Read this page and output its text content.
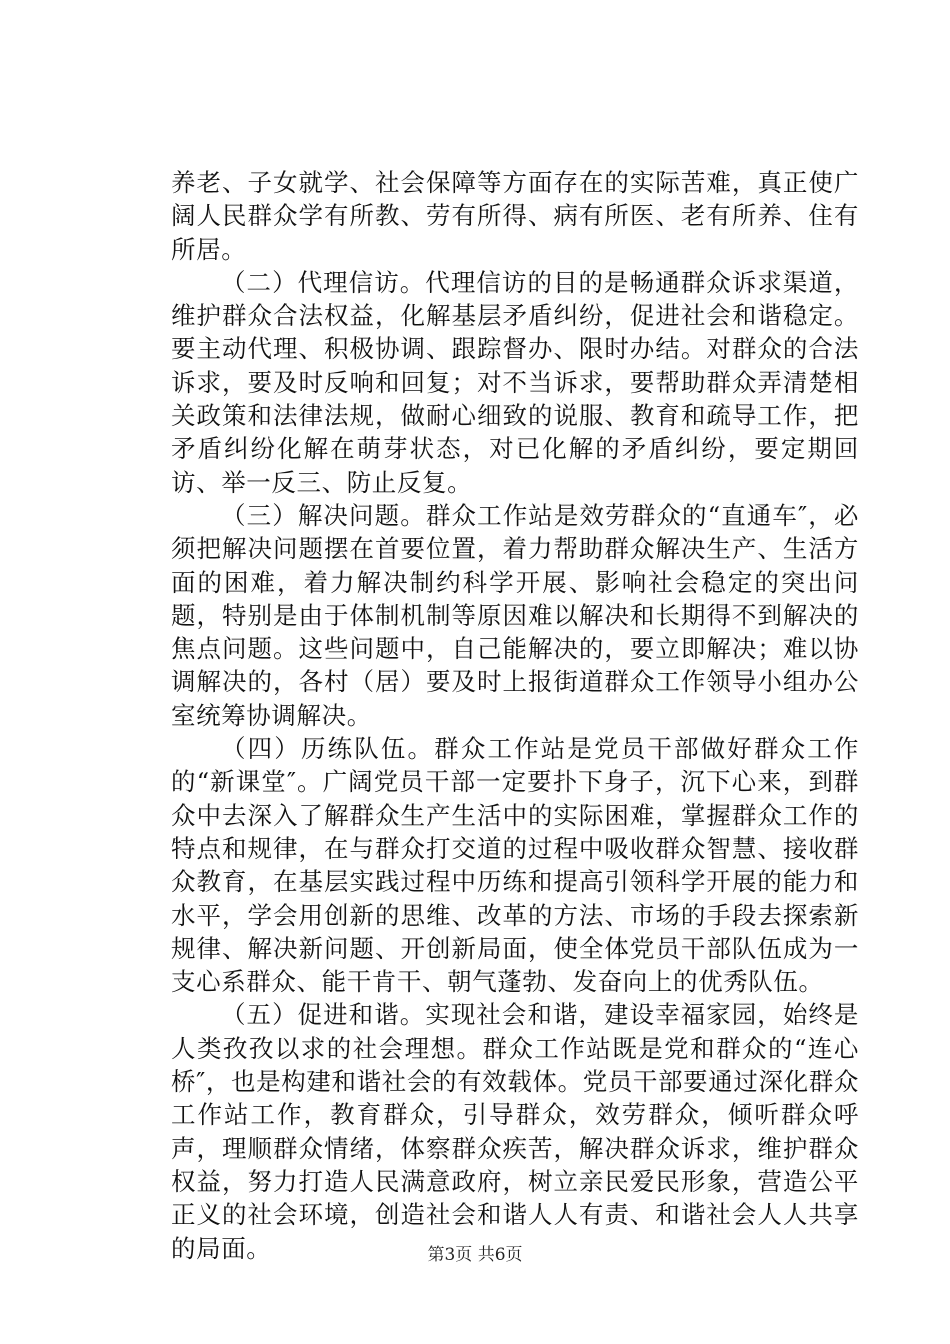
养老、子女就学、社会保障等方面存在的实际苦难，真正使广阔人民群众学有所教、劳有所得、病有所医、老有所养、住有所居。

（二）代理信访。代理信访的目的是畅通群众诉求渠道，维护群众合法权益，化解基层矛盾纠纷，促进社会和谐稳定。要主动代理、积极协调、跟踪督办、限时办结。对群众的合法诉求，要及时反响和回复；对不当诉求，要帮助群众弄清楚相关政策和法律法规，做耐心细致的说服、教育和疏导工作，把矛盾纠纷化解在萌芽状态，对已化解的矛盾纠纷，要定期回访、举一反三、防止反复。

（三）解决问题。群众工作站是效劳群众的“直通车″，必须把解决问题摆在首要位置，着力帮助群众解决生产、生活方面的困难，着力解决制约科学开展、影响社会稳定的突出问题，特别是由于体制机制等原因难以解决和长期得不到解决的焦点问题。这些问题中，自己能解决的，要立即解决；难以协调解决的，各村（居）要及时上报街道群众工作领导小组办公室统筹协调解决。

（四）历练队伍。群众工作站是党员干部做好群众工作的“新课堂″。广阔党员干部一定要扑下身子，沉下心来，到群众中去深入了解群众生产生活中的实际困难，掌握群众工作的特点和规律，在与群众打交道的过程中吸收群众智慧、接收群众教育，在基层实践过程中历练和提高引领科学开展的能力和水平，学会用创新的思维、改革的方法、市场的手段去探索新规律、解决新问题、开创新局面，使全体党员干部队伍成为一支心系群众、能干肯干、朝气蓬勃、发奋向上的优秀队伍。

（五）促进和谐。实现社会和谐，建设幸福家园，始终是人类孜孜以求的社会理想。群众工作站既是党和群众的“连心桥″，也是构建和谐社会的有效载体。党员干部要通过深化群众工作站工作，教育群众，引导群众，效劳群众，倾听群众呼声，理顺群众情绪，体察群众疾苦，解决群众诉求，维护群众权益，努力打造人民满意政府，树立亲民爱民形象，营造公平正义的社会环境，创造社会和谐人人有责、和谐社会人人共享的局面。	第3页 共6页
